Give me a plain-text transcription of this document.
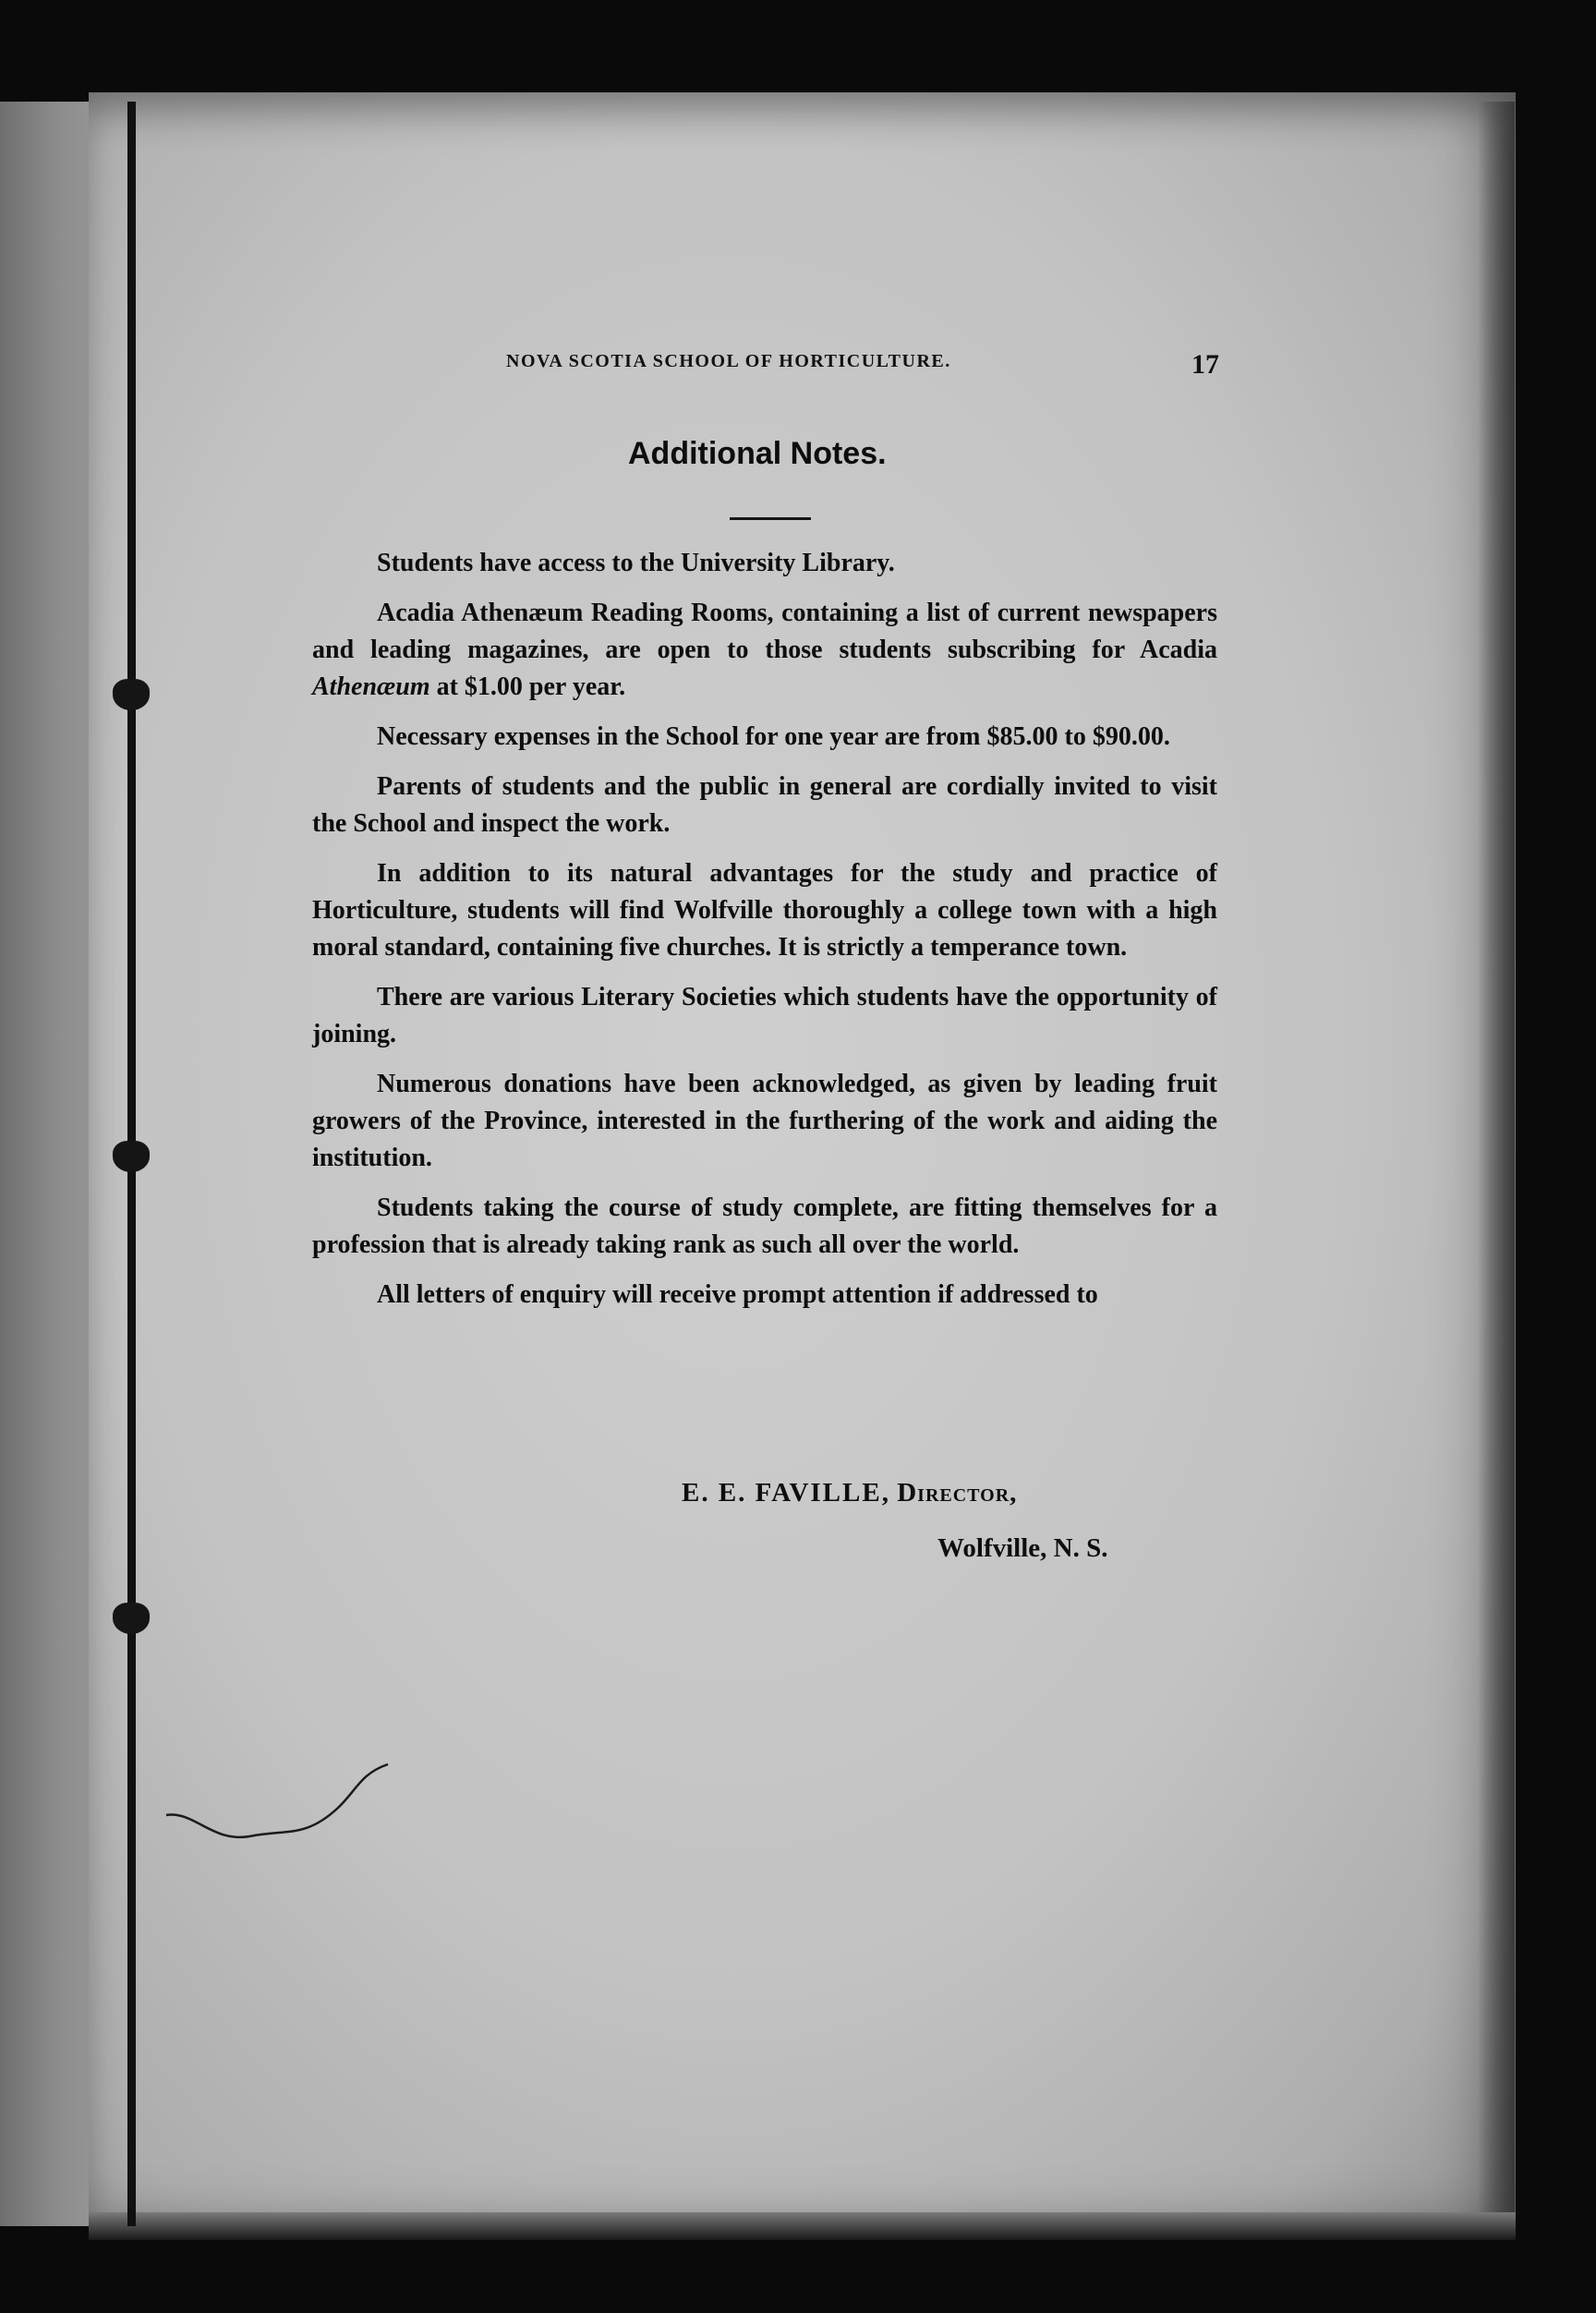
NOVA SCOTIA SCHOOL OF HORTICULTURE.	17
Additional Notes.

Students have access to the University Library.

Acadia Athenæum Reading Rooms, containing a list of current newspapers and leading magazines, are open to those students subscribing for Acadia Athenæum at $1.00 per year.

Necessary expenses in the School for one year are from $85.00 to $90.00.

Parents of students and the public in general are cordially invited to visit the School and inspect the work.

In addition to its natural advantages for the study and practice of Horticulture, students will find Wolfville thoroughly a college town with a high moral standard, containing five churches. It is strictly a temperance town.

There are various Literary Societies which students have the opportunity of joining.

Numerous donations have been acknowledged, as given by leading fruit growers of the Province, interested in the furthering of the work and aiding the institution.

Students taking the course of study complete, are fitting themselves for a profession that is already taking rank as such all over the world.

All letters of enquiry will receive prompt attention if addressed to

E. E. FAVILLE, Director,
Wolfville, N. S.
